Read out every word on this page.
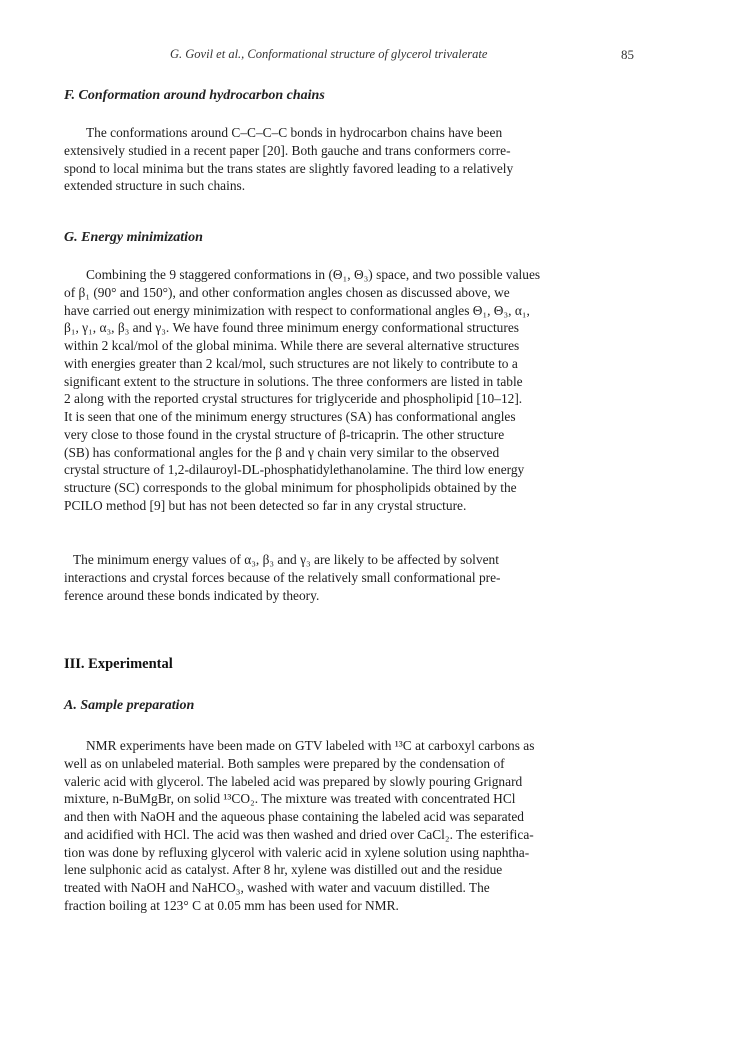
G. Govil et al., Conformational structure of glycerol trivalerate	85
F. Conformation around hydrocarbon chains

The conformations around C–C–C–C bonds in hydrocarbon chains have been
extensively studied in a recent paper [20]. Both gauche and trans conformers corre-
spond to local minima but the trans states are slightly favored leading to a relatively
extended structure in such chains.

G. Energy minimization

Combining the 9 staggered conformations in (Θ₁, Θ₃) space, and two possible values
of β₁ (90° and 150°), and other conformation angles chosen as discussed above, we
have carried out energy minimization with respect to conformational angles Θ₁, Θ₃, α₁,
β₁, γ₁, α₃, β₃ and γ₃. We have found three minimum energy conformational structures
within 2 kcal/mol of the global minima. While there are several alternative structures
with energies greater than 2 kcal/mol, such structures are not likely to contribute to a
significant extent to the structure in solutions. The three conformers are listed in table
2 along with the reported crystal structures for triglyceride and phospholipid [10–12].
It is seen that one of the minimum energy structures (SA) has conformational angles
very close to those found in the crystal structure of β-tricaprin. The other structure
(SB) has conformational angles for the β and γ chain very similar to the observed
crystal structure of 1,2-dilauroyl-DL-phosphatidylethanolamine. The third low energy
structure (SC) corresponds to the global minimum for phospholipids obtained by the
PCILO method [9] but has not been detected so far in any crystal structure.

The minimum energy values of α₃, β₃ and γ₃ are likely to be affected by solvent
interactions and crystal forces because of the relatively small conformational pre-
ference around these bonds indicated by theory.

III. Experimental
A. Sample preparation

NMR experiments have been made on GTV labeled with ¹³C at carboxyl carbons as
well as on unlabeled material. Both samples were prepared by the condensation of
valeric acid with glycerol. The labeled acid was prepared by slowly pouring Grignard
mixture, n-BuMgBr, on solid ¹³CO₂. The mixture was treated with concentrated HCl
and then with NaOH and the aqueous phase containing the labeled acid was separated
and acidified with HCl. The acid was then washed and dried over CaCl₂. The esterifica-
tion was done by refluxing glycerol with valeric acid in xylene solution using naphtha-
lene sulphonic acid as catalyst. After 8 hr, xylene was distilled out and the residue
treated with NaOH and NaHCO₃, washed with water and vacuum distilled. The
fraction boiling at 123° C at 0.05 mm has been used for NMR.
